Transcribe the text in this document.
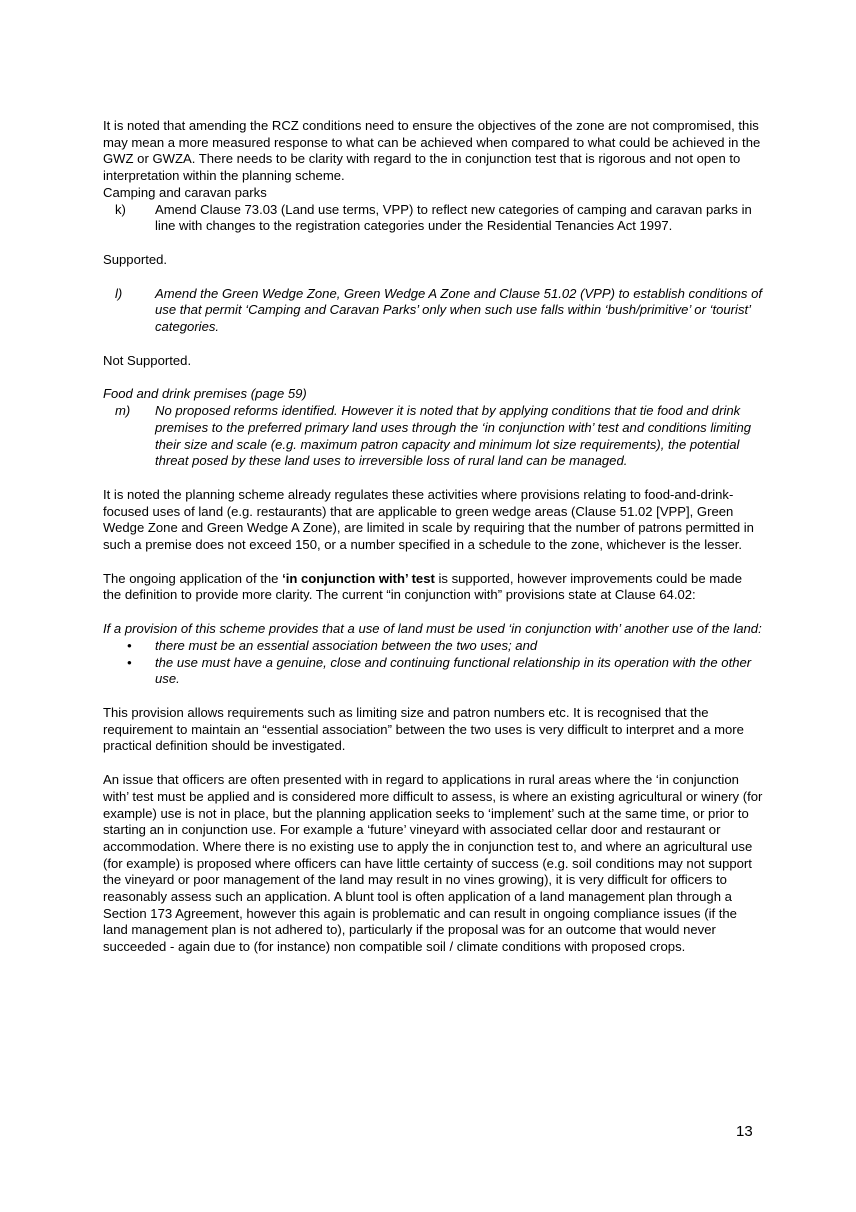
It is noted that amending the RCZ conditions need to ensure the objectives of the zone are not compromised, this may mean a more measured response to what can be achieved when compared to what could be achieved in the GWZ or GWZA. There needs to be clarity with regard to the in conjunction test that is rigorous and not open to interpretation within the planning scheme.

Camping and caravan parks

k)	Amend Clause 73.03 (Land use terms, VPP) to reflect new categories of camping and caravan parks in line with changes to the registration categories under the Residential Tenancies Act 1997.

Supported.

l)	Amend the Green Wedge Zone, Green Wedge A Zone and Clause 51.02 (VPP) to establish conditions of use that permit ‘Camping and Caravan Parks’ only when such use falls within ‘bush/primitive’ or ‘tourist’ categories.

Not Supported.

Food and drink premises (page 59)

m)	No proposed reforms identified. However it is noted that by applying conditions that tie food and drink premises to the preferred primary land uses through the ‘in conjunction with’ test and conditions limiting their size and scale (e.g. maximum patron capacity and minimum lot size requirements), the potential threat posed by these land uses to irreversible loss of rural land can be managed.

It is noted the planning scheme already regulates these activities where provisions relating to food-and-drink-focused uses of land (e.g. restaurants) that are applicable to green wedge areas (Clause 51.02 [VPP], Green Wedge Zone and Green Wedge A Zone), are limited in scale by requiring that the number of patrons permitted in such a premise does not exceed 150, or a number specified in a schedule to the zone, whichever is the lesser.

The ongoing application of the ‘in conjunction with’ test is supported, however improvements could be made the definition to provide more clarity. The current “in conjunction with” provisions state at Clause 64.02:

If a provision of this scheme provides that a use of land must be used ‘in conjunction with’ another use of the land:

•	there must be an essential association between the two uses; and
•	the use must have a genuine, close and continuing functional relationship in its operation with the other use.

This provision allows requirements such as limiting size and patron numbers etc. It is recognised that the requirement to maintain an “essential association” between the two uses is very difficult to interpret and a more practical definition should be investigated.

An issue that officers are often presented with in regard to applications in rural areas where the ‘in conjunction with’ test must be applied and is considered more difficult to assess, is where an existing agricultural or winery (for example) use is not in place, but the planning application seeks to ‘implement’ such at the same time, or prior to starting an in conjunction use. For example a ‘future’ vineyard with associated cellar door and restaurant or accommodation. Where there is no existing use to apply the in conjunction test to, and where an agricultural use (for example) is proposed where officers can have little certainty of success (e.g. soil conditions may not support the vineyard or poor management of the land may result in no vines growing), it is very difficult for officers to reasonably assess such an application. A blunt tool is often application of a land management plan through a Section 173 Agreement, however this again is problematic and can result in ongoing compliance issues (if the land management plan is not adhered to), particularly if the proposal was for an outcome that would never succeeded - again due to (for instance) non compatible soil / climate conditions with proposed crops.

13
